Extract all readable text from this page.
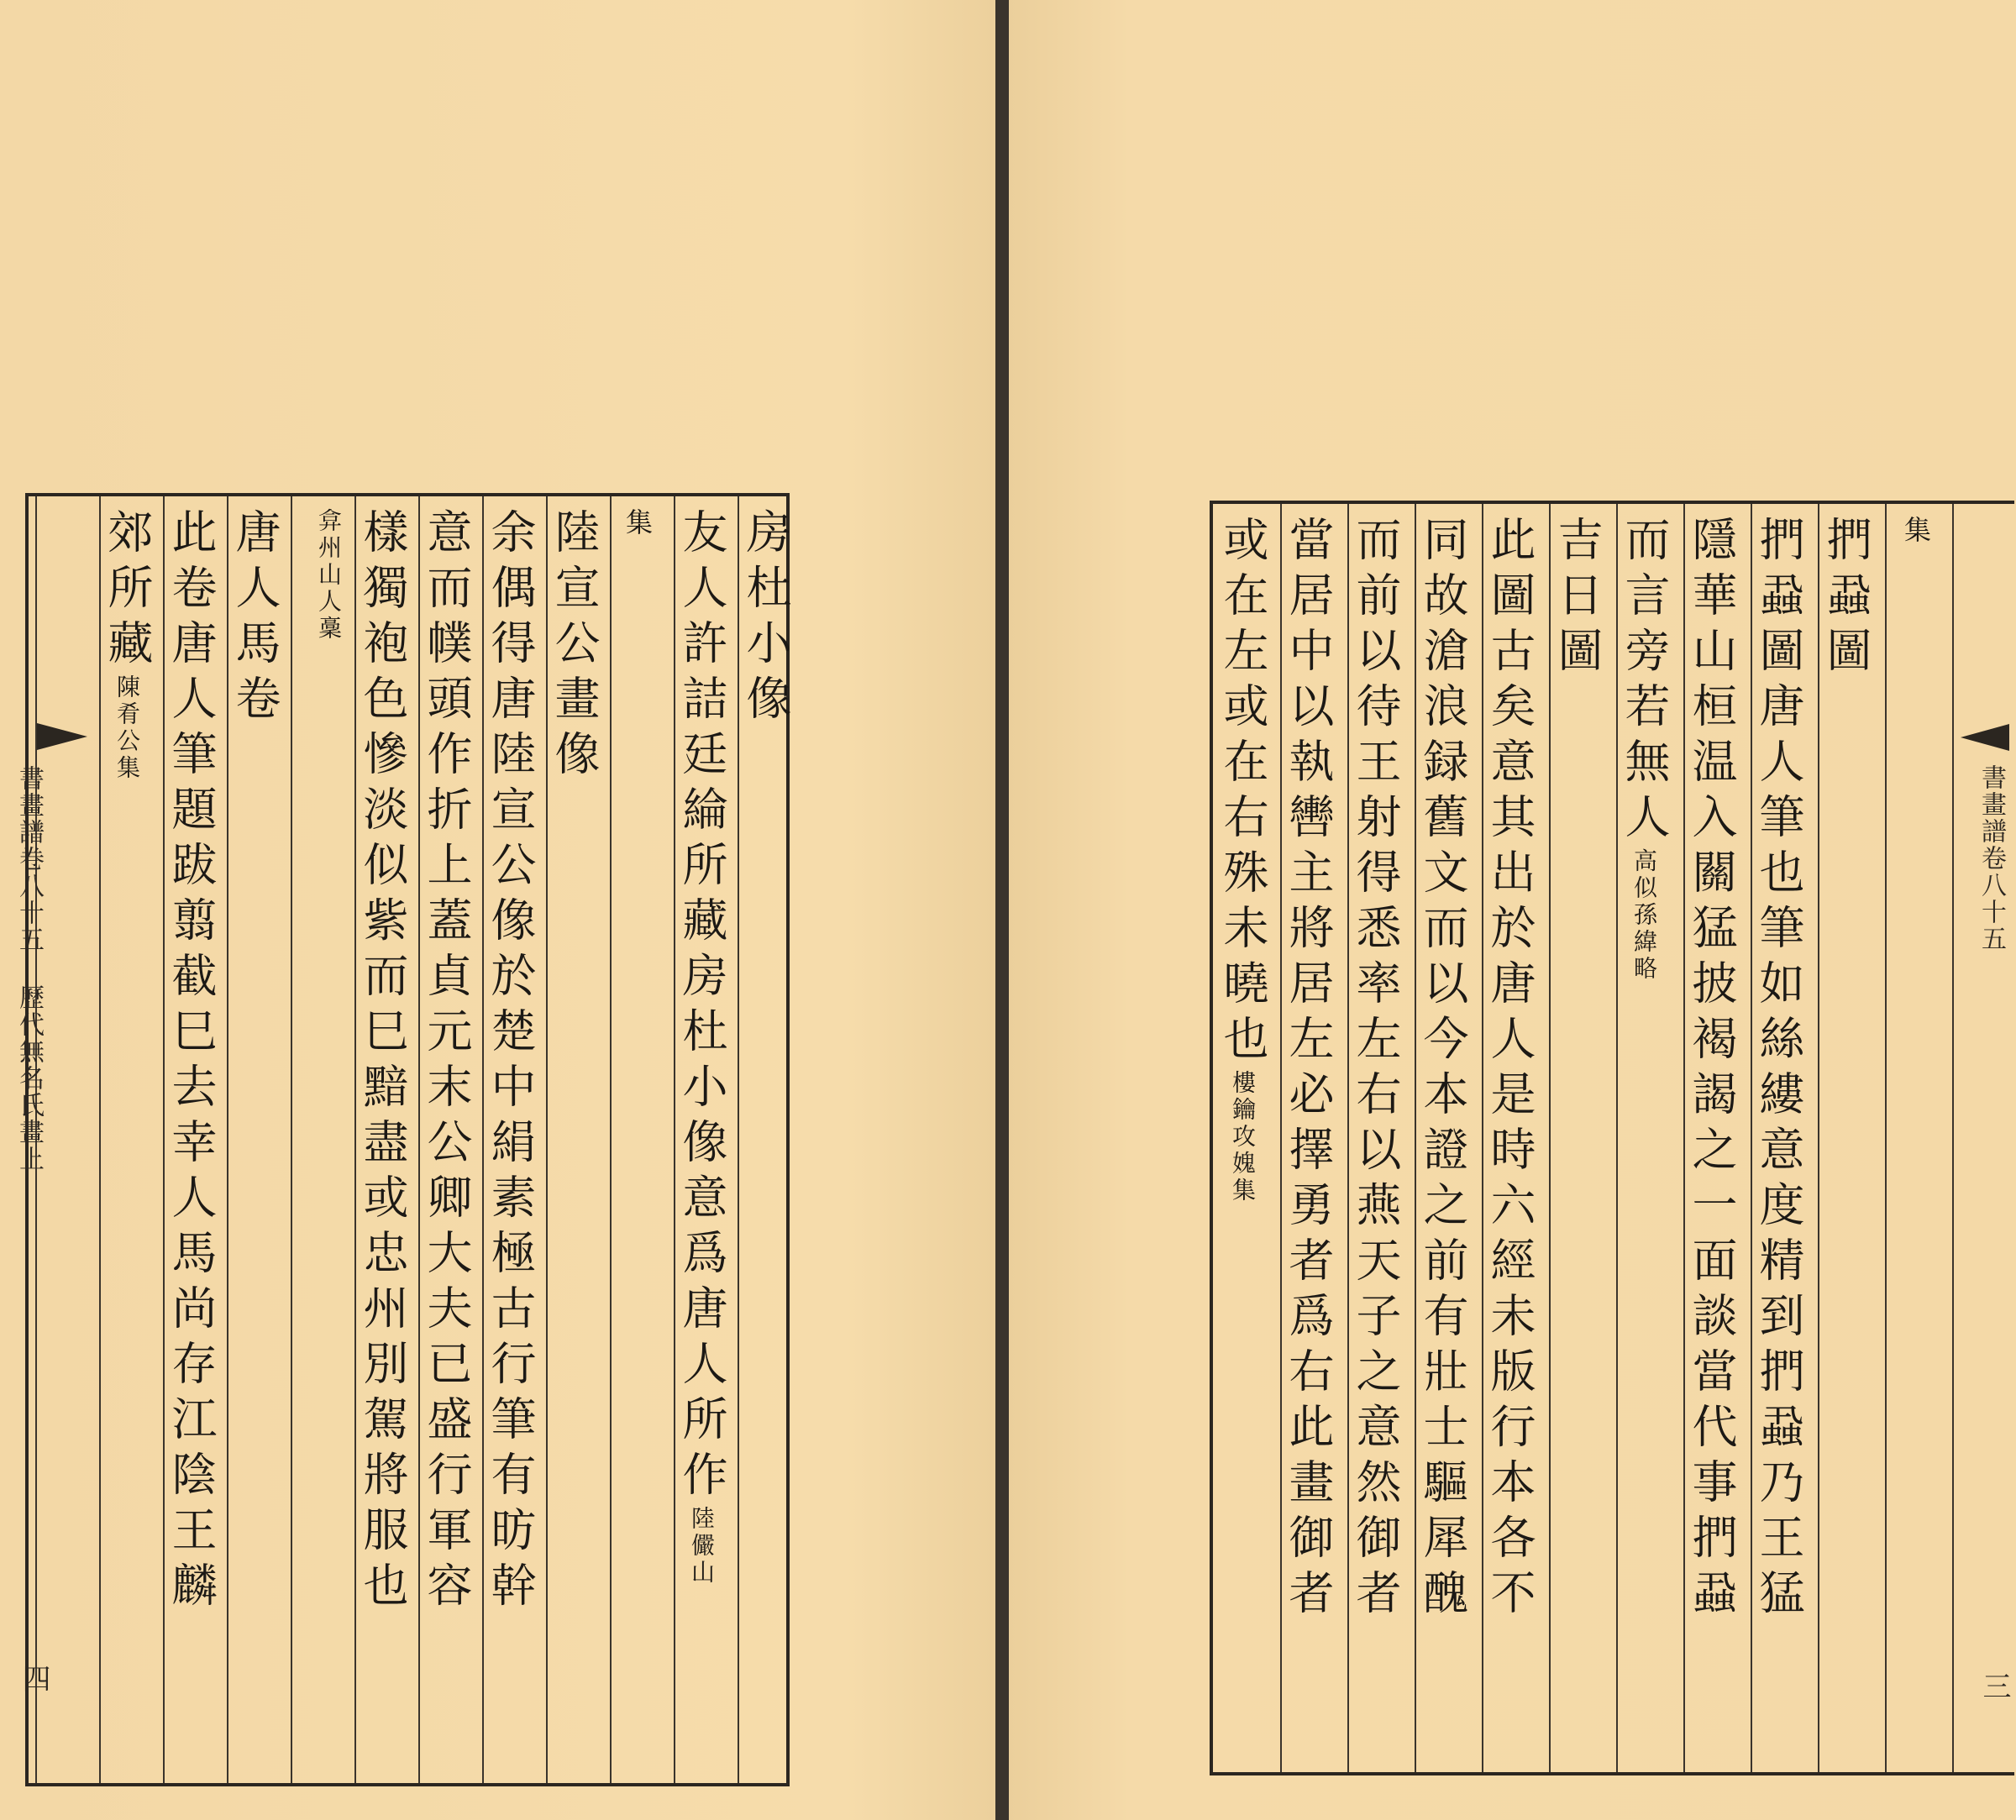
房杜小像
友人許詰廷綸所藏房杜小像意爲唐人所作陸儼山
集
陸宣公畫像
余偶得唐陸宣公像於楚中絹素極古行筆有昉幹
意而幞頭作折上蓋貞元末公卿大夫已盛行軍容
樣獨袍色慘淡似紫而巳黯盡或忠州別駕將服也
弇州山人稾
唐人馬卷
此卷唐人筆題跋翦截巳去幸人馬尚存江陰王麟
郊所藏陳肴公集
書畫譜卷八十五 歷代無名氏畫上
四
集
捫蝨圖
捫蝨圖唐人筆也筆如絲縷意度精到捫蝨乃王猛
隱華山桓温入關猛披褐謁之一面談當代事捫蝨
而言旁若無人高似孫緯略
吉日圖
此圖古矣意其出於唐人是時六經未版行本各不
同故滄浪録舊文而以今本證之前有壯士驅犀醜
而前以待王射得悉率左右以燕天子之意然御者
當居中以執轡主將居左必擇勇者爲右此畫御者
或在左或在右殊未曉也樓鑰攻媿集
書畫譜卷八十五
三
